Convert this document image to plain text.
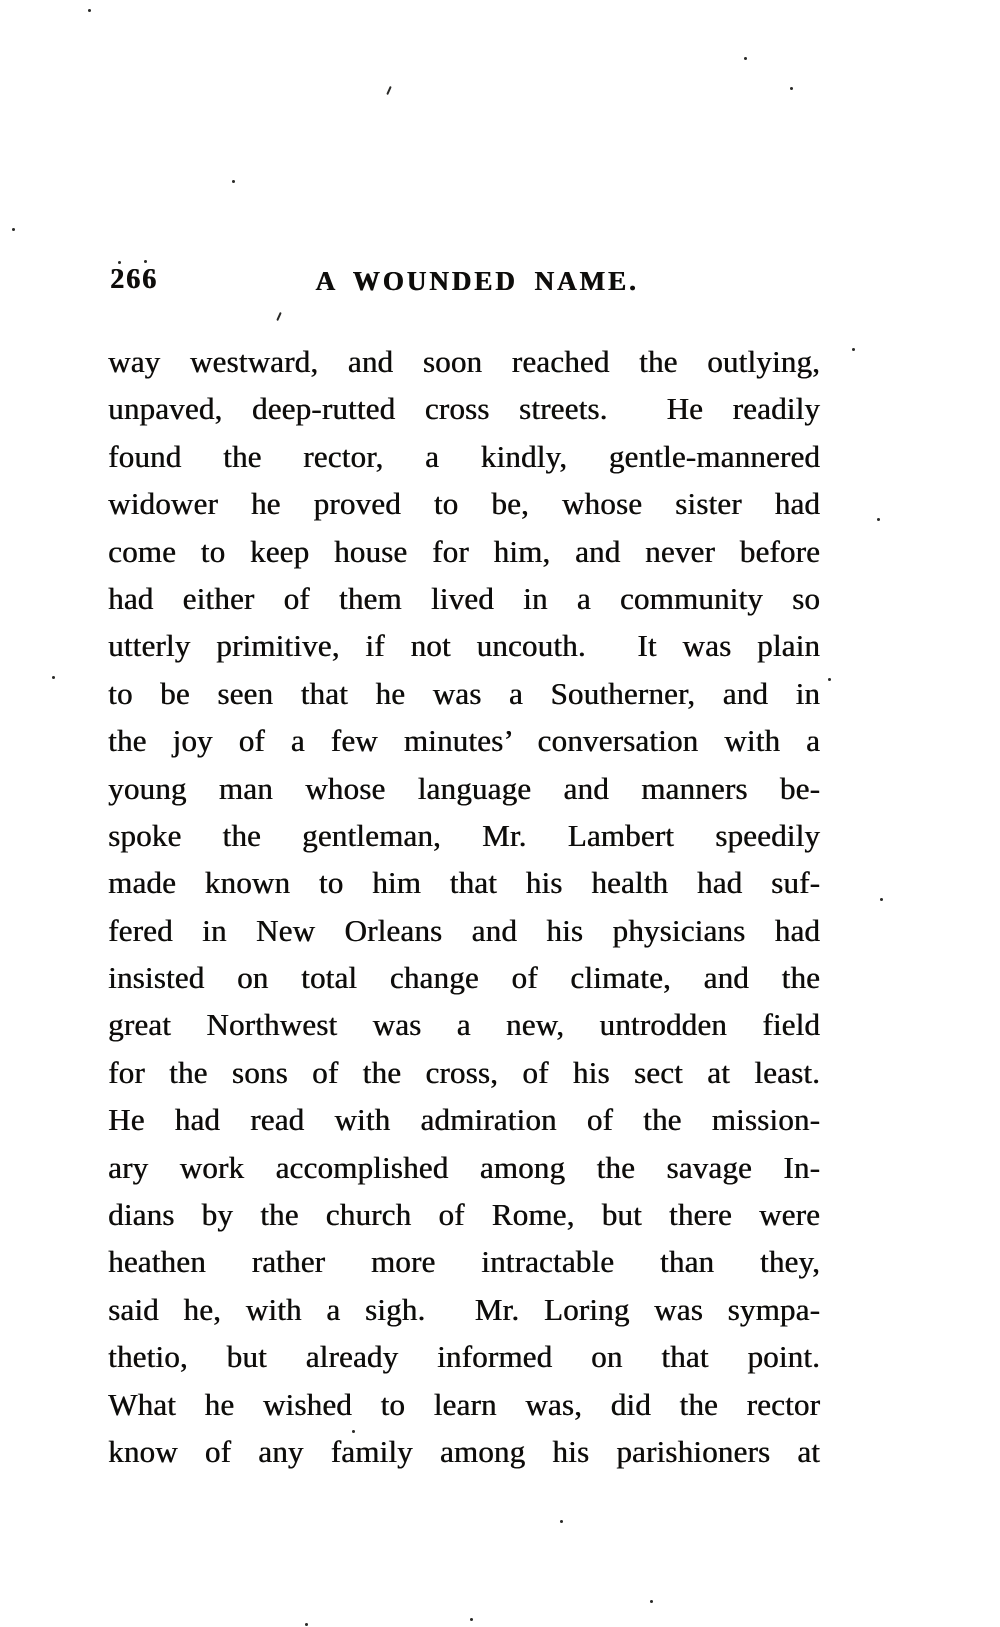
266	A WOUNDED NAME.
way westward, and soon reached the outlying,
unpaved, deep-rutted cross streets.  He readily
found the rector, a kindly, gentle-mannered
widower he proved to be, whose sister had
come to keep house for him, and never before
had either of them lived in a community so
utterly primitive, if not uncouth.  It was plain
to be seen that he was a Southerner, and in
the joy of a few minutes’ conversation with a
young man whose language and manners be-
spoke the gentleman, Mr. Lambert speedily
made known to him that his health had suf-
fered in New Orleans and his physicians had
insisted on total change of climate, and the
great Northwest was a new, untrodden field
for the sons of the cross, of his sect at least.
He had read with admiration of the mission-
ary work accomplished among the savage In-
dians by the church of Rome, but there were
heathen rather more intractable than they,
said he, with a sigh.  Mr. Loring was sympa-
thetio, but already informed on that point.
What he wished to learn was, did the rector
know of any family among his parishioners at
